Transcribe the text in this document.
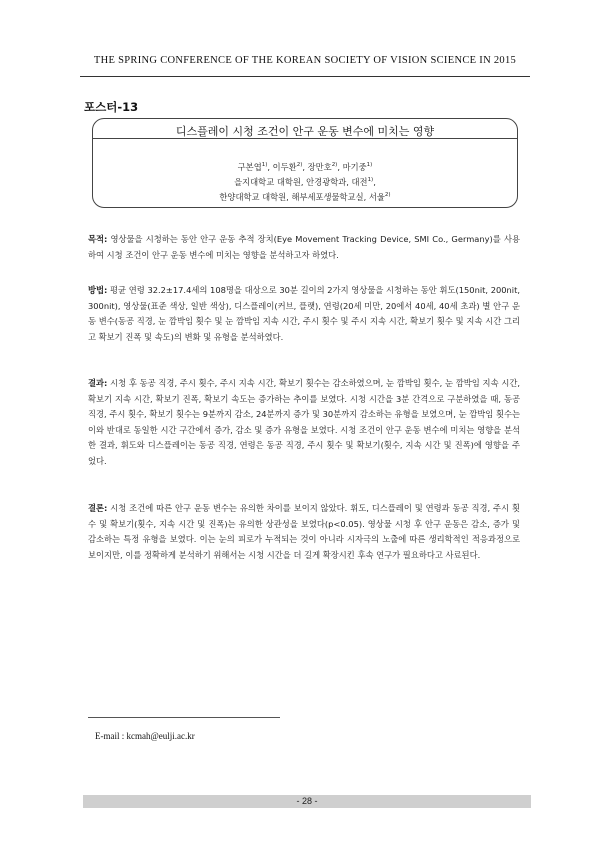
THE SPRING CONFERENCE OF THE KOREAN SOCIETY OF VISION SCIENCE IN 2015
포스터-13
디스플레이 시청 조건이 안구 운동 변수에 미치는 영향
구본엽$^{1)}$, 이두환$^{2)}$, 장만호$^{2)}$, 마기중$^{1)}$
을지대학교 대학원, 안경광학과, 대전$^{1)}$,
한양대학교 대학원, 해부세포생물학교실, 서울$^{2)}$
목적: 영상물을 시청하는 동안 안구 운동 추적 장치(Eye Movement Tracking Device, SMI Co., Germany)를 사용하여 시청 조건이 안구 운동 변수에 미치는 영향을 분석하고자 하였다.
방법: 평균 연령 32.2±17.4세의 108명을 대상으로 30분 길이의 2가지 영상물을 시청하는 동안 휘도(150nit, 200nit, 300nit), 영상물(표준 색상, 일반 색상), 디스플레이(커브, 플랫), 연령(20세 미만, 20에서 40세, 40세 초과) 별 안구 운동 변수(동공 직경, 눈 깜박임 횟수 및 눈 깜박임 지속 시간, 주시 횟수 및 주시 지속 시간, 확보기 횟수 및 지속 시간 그리고 확보기 진폭 및 속도)의 변화 및 유형을 분석하였다.
결과: 시청 후 동공 직경, 주시 횟수, 주시 지속 시간, 확보기 횟수는 감소하였으며, 눈 깜박임 횟수, 눈 깜박임 지속 시간, 확보기 지속 시간, 확보기 진폭, 확보기 속도는 증가하는 추이를 보였다. 시청 시간을 3분 간격으로 구분하였을 때, 동공 직경, 주시 횟수, 확보기 횟수는 9분까지 감소, 24분까지 증가 및 30분까지 감소하는 유형을 보였으며, 눈 깜박임 횟수는 이와 반대로 동일한 시간 구간에서 증가, 감소 및 증가 유형을 보였다. 시청 조건이 안구 운동 변수에 미치는 영향을 분석한 결과, 휘도와 디스플레이는 동공 직경, 연령은 동공 직경, 주시 횟수 및 확보기(횟수, 지속 시간 및 진폭)에 영향을 주었다.
결론: 시청 조건에 따른 안구 운동 변수는 유의한 차이를 보이지 않았다. 휘도, 디스플레이 및 연령과 동공 직경, 주시 횟수 및 확보기(횟수, 지속 시간 및 진폭)는 유의한 상관성을 보였다(p<0.05). 영상물 시청 후 안구 운동은 감소, 증가 및 감소하는 특정 유형을 보였다. 이는 눈의 피로가 누적되는 것이 아니라 시자극의 노출에 따른 생리학적인 적응과정으로 보이지만, 이를 정확하게 분석하기 위해서는 시청 시간을 더 길게 확장시킨 후속 연구가 필요하다고 사료된다.
E-mail : kcmah@eulji.ac.kr
- 28 -
